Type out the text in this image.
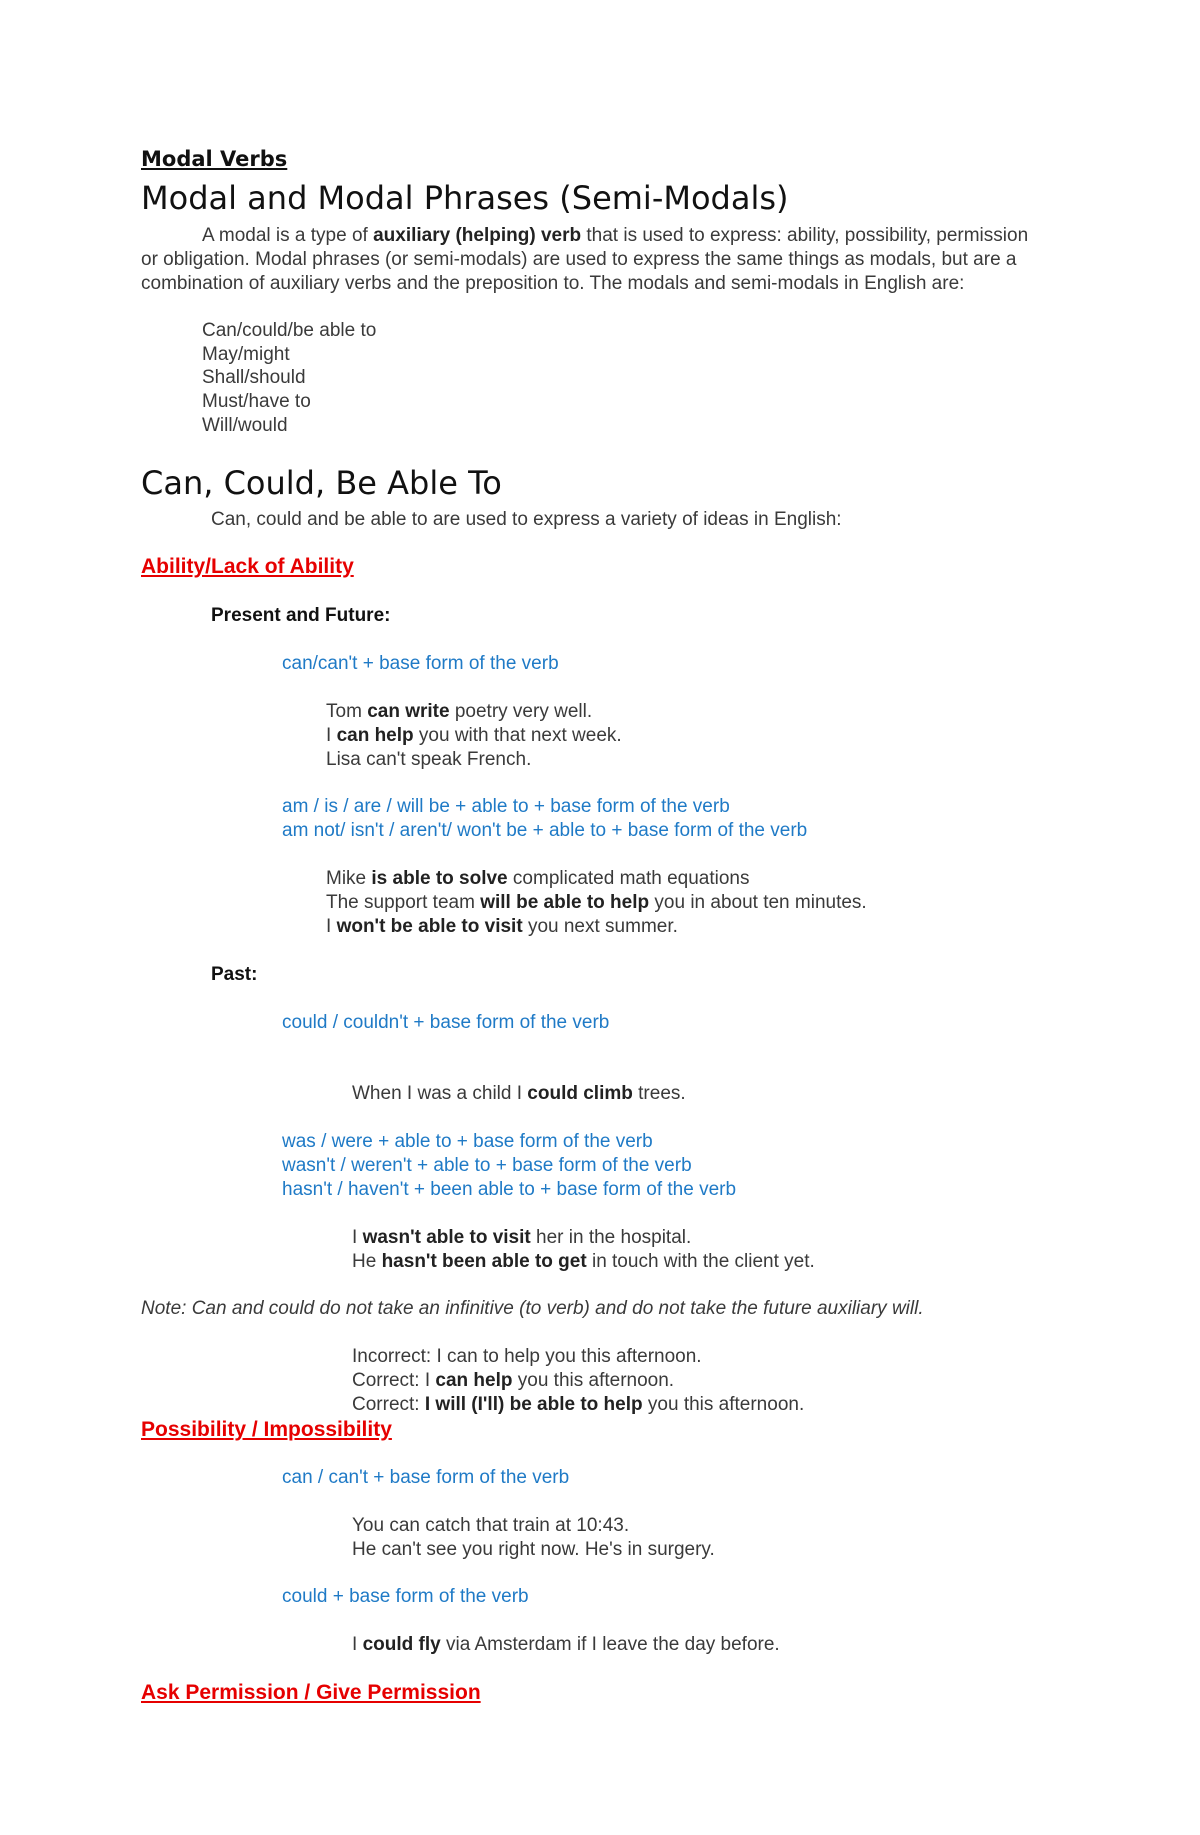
Modal Verbs

Modal and Modal Phrases (Semi-Modals)

A modal is a type of auxiliary (helping) verb that is used to express: ability, possibility, permission or obligation. Modal phrases (or semi-modals) are used to express the same things as modals, but are a combination of auxiliary verbs and the preposition to. The modals and semi-modals in English are:

Can/could/be able to

May/might

Shall/should

Must/have to

Will/would

Can, Could, Be Able To

Can, could and be able to are used to express a variety of ideas in English:

Ability/Lack of Ability

Present and Future:

can/can't + base form of the verb

Tom can write poetry very well.

I can help you with that next week.

Lisa can't speak French.

am / is / are / will be + able to + base form of the verb

am not/ isn't / aren't/ won't be + able to + base form of the verb

Mike is able to solve complicated math equations

The support team will be able to help you in about ten minutes.

I won't be able to visit you next summer.

Past:

could / couldn't + base form of the verb

When I was a child I could climb trees.

was / were + able to + base form of the verb

wasn't / weren't + able to + base form of the verb

hasn't / haven't + been able to + base form of the verb

I wasn't able to visit her in the hospital.

He hasn't been able to get in touch with the client yet.

Note: Can and could do not take an infinitive (to verb) and do not take the future auxiliary will.

Incorrect: I can to help you this afternoon.

Correct: I can help you this afternoon.

Correct: I will (I'll) be able to help you this afternoon.

Possibility / Impossibility

can / can't + base form of the verb

You can catch that train at 10:43.

He can't see you right now. He's in surgery.

could + base form of the verb

I could fly via Amsterdam if I leave the day before.

Ask Permission / Give Permission
